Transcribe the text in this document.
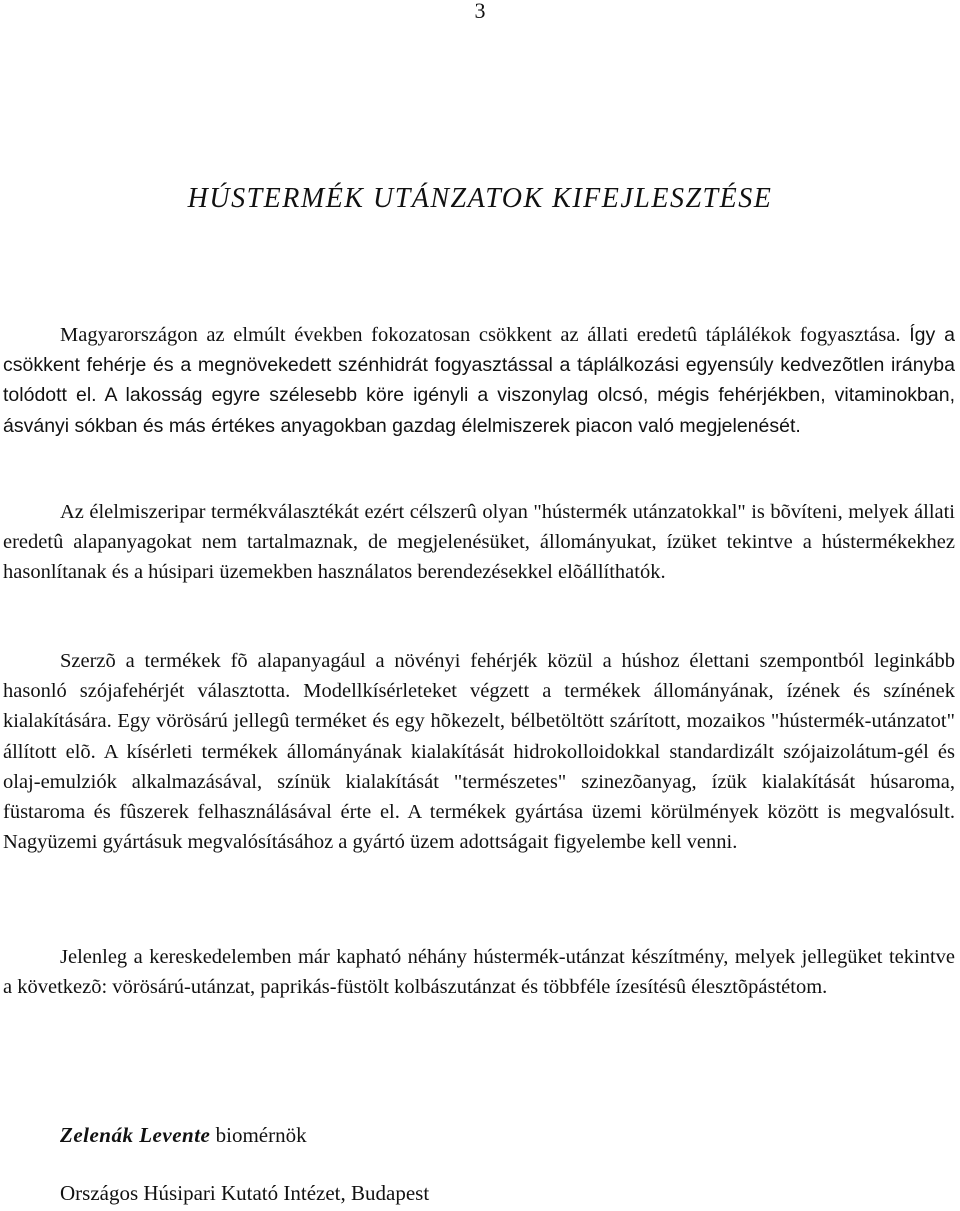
3
HÚSTERMÉK UTÁNZATOK KIFEJLESZTÉSE

Magyarországon az elmúlt években fokozatosan csökkent az állati eredetû táplálékok fogyasztása. Így a csökkent fehérje és a megnövekedett szénhidrát fogyasztással a táplálkozási egyensúly kedvezõtlen irányba tolódott el. A lakosság egyre szélesebb köre igényli a viszonylag olcsó, mégis fehérjékben, vitaminokban, ásványi sókban és más értékes anyagokban gazdag élelmiszerek piacon való megjelenését.

Az élelmiszeripar termékválasztékát ezért célszerû olyan "hústermék utánzatokkal" is bõvíteni, melyek állati eredetû alapanyagokat nem tartalmaznak, de megjelenésüket, állományukat, ízüket tekintve a hústermékekhez hasonlítanak és a húsipari üzemekben használatos berendezésekkel elõállíthatók.

Szerzõ a termékek fõ alapanyagául a növényi fehérjék közül a húshoz élettani szempontból leginkább hasonló szójafehérjét választotta. Modellkísérleteket végzett a termékek állományának, ízének és színének kialakítására. Egy vörösárú jellegû terméket és egy hõkezelt, bélbetöltött szárított, mozaikos "hústermék-utánzatot" állított elõ. A kísérleti termékek állományának kialakítását hidrokolloidokkal standardizált szójaizolátum-gél és olaj-emulziók alkalmazásával, színük kialakítását "természetes" szinezõanyag, ízük kialakítását húsaroma, füstaroma és fûszerek felhasználásával érte el. A termékek gyártása üzemi körülmények között is megvalósult. Nagyüzemi gyártásuk megvalósításához a gyártó üzem adottságait figyelembe kell venni.

Jelenleg a kereskedelemben már kapható néhány hústermék-utánzat készítmény, melyek jellegüket tekintve a következõ: vörösárú-utánzat, paprikás-füstölt kolbászutánzat és többféle ízesítésû élesztõpástétom.

Zelenák Levente biomérnök
Országos Húsipari Kutató Intézet, Budapest
